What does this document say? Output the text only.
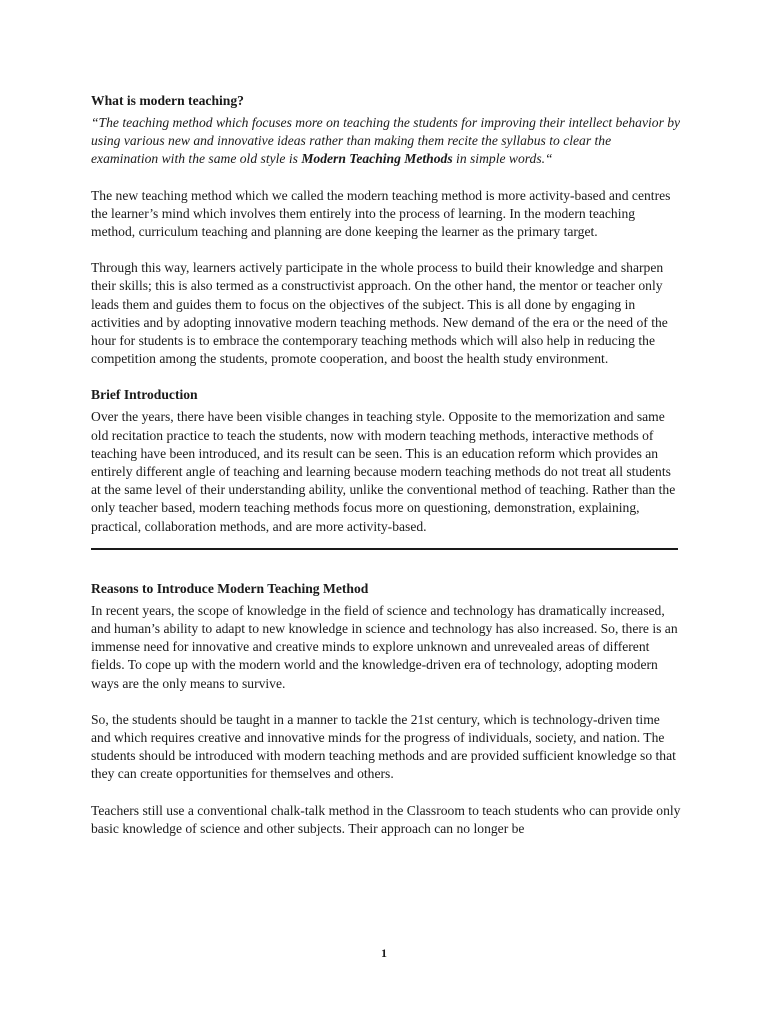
What is modern teaching?

“The teaching method which focuses more on teaching the students for improving their intellect behavior by using various new and innovative ideas rather than making them recite the syllabus to clear the examination with the same old style is Modern Teaching Methods in simple words.“

The new teaching method which we called the modern teaching method is more activity-based and centres the learner’s mind which involves them entirely into the process of learning. In the modern teaching method, curriculum teaching and planning are done keeping the learner as the primary target.

Through this way, learners actively participate in the whole process to build their knowledge and sharpen their skills; this is also termed as a constructivist approach. On the other hand, the mentor or teacher only leads them and guides them to focus on the objectives of the subject. This is all done by engaging in activities and by adopting innovative modern teaching methods. New demand of the era or the need of the hour for students is to embrace the contemporary teaching methods which will also help in reducing the competition among the students, promote cooperation, and boost the health study environment.

Brief Introduction

Over the years, there have been visible changes in teaching style. Opposite to the memorization and same old recitation practice to teach the students, now with modern teaching methods, interactive methods of teaching have been introduced, and its result can be seen. This is an education reform which provides an entirely different angle of teaching and learning because modern teaching methods do not treat all students at the same level of their understanding ability, unlike the conventional method of teaching. Rather than the only teacher based, modern teaching methods focus more on questioning, demonstration, explaining, practical, collaboration methods, and are more activity-based.

Reasons to Introduce Modern Teaching Method

In recent years, the scope of knowledge in the field of science and technology has dramatically increased, and human’s ability to adapt to new knowledge in science and technology has also increased. So, there is an immense need for innovative and creative minds to explore unknown and unrevealed areas of different fields. To cope up with the modern world and the knowledge-driven era of technology, adopting modern ways are the only means to survive.

So, the students should be taught in a manner to tackle the 21st century, which is technology-driven time and which requires creative and innovative minds for the progress of individuals, society, and nation. The students should be introduced with modern teaching methods and are provided sufficient knowledge so that they can create opportunities for themselves and others.

Teachers still use a conventional chalk-talk method in the Classroom to teach students who can provide only basic knowledge of science and other subjects. Their approach can no longer be

1
